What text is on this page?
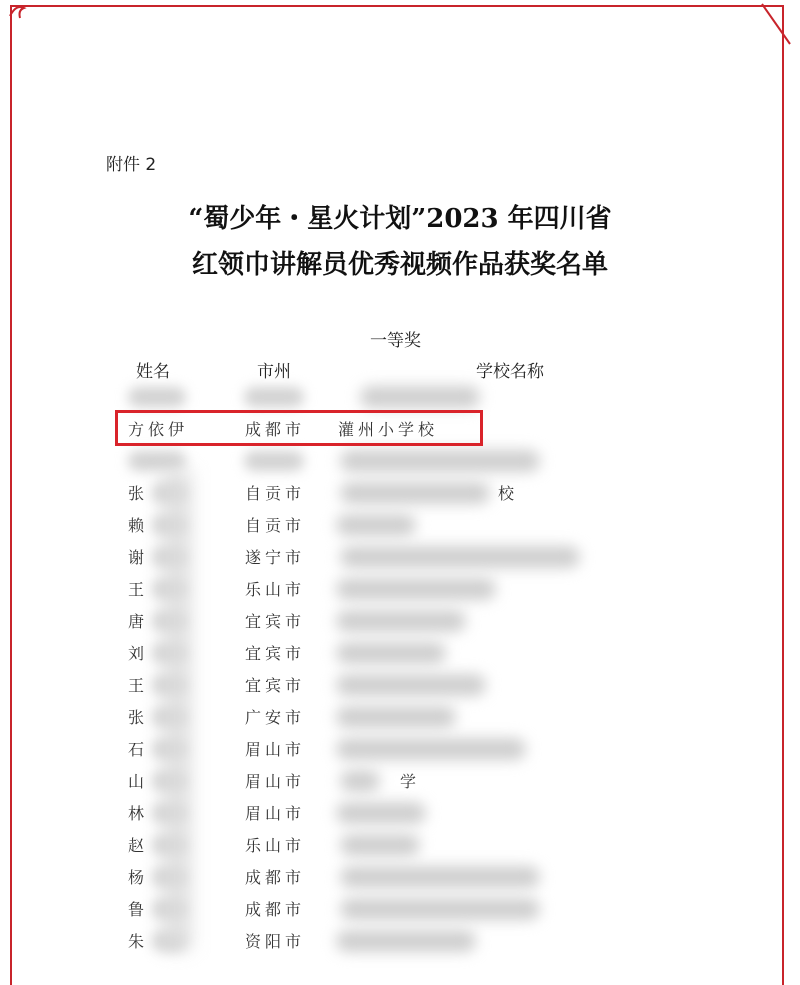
附件 2
“蜀少年・星火计划”2023 年四川省
红领巾讲解员优秀视频作品获奖名单
一等奖
姓名	市州	学校名称
方依伊	成都市 灌州小学校
张	自贡市	校
赖	自贡市
谢	遂宁市
王	乐山市
唐	宜宾市
刘	宜宾市
王	宜宾市
张	广安市
石	眉山市
山	眉山市	学
林	眉山市
赵	乐山市
杨	成都市
鲁	成都市
朱	资阳市
